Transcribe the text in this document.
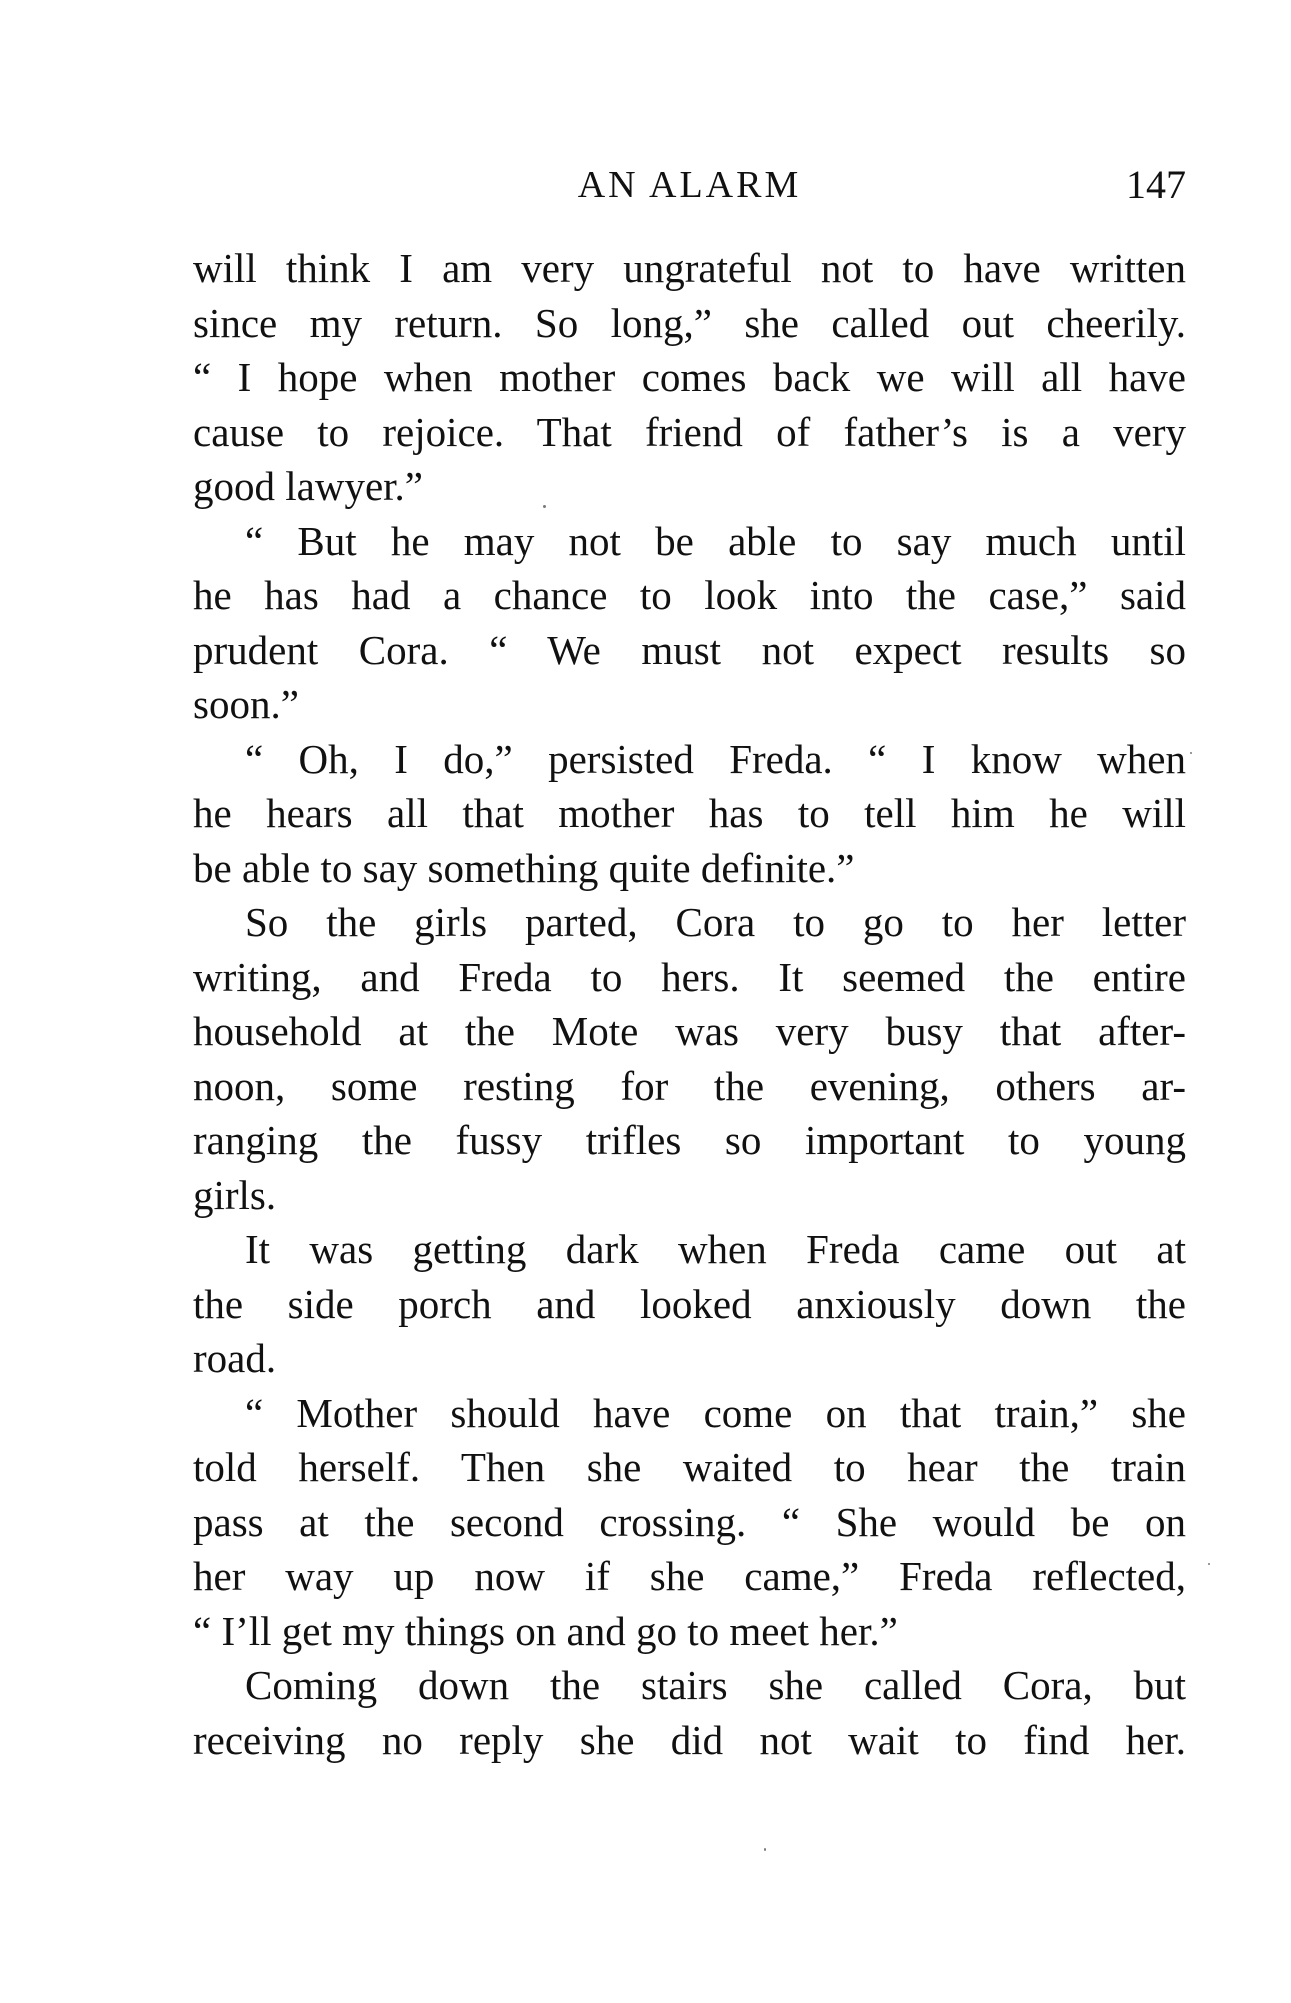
AN ALARM	147
will think I am very ungrateful not to have written
since my return. So long,” she called out cheerily.
“ I hope when mother comes back we will all have
cause to rejoice. That friend of father’s is a very
good lawyer.”
“ But he may not be able to say much until
he has had a chance to look into the case,” said
prudent Cora. “ We must not expect results so
soon.”
“ Oh, I do,” persisted Freda. “ I know when
he hears all that mother has to tell him he will
be able to say something quite definite.”
So the girls parted, Cora to go to her letter
writing, and Freda to hers. It seemed the entire
household at the Mote was very busy that after-
noon, some resting for the evening, others ar-
ranging the fussy trifles so important to young
girls.
It was getting dark when Freda came out at
the side porch and looked anxiously down the
road.
“ Mother should have come on that train,” she
told herself. Then she waited to hear the train
pass at the second crossing. “ She would be on
her way up now if she came,” Freda reflected,
“ I’ll get my things on and go to meet her.”
Coming down the stairs she called Cora, but
receiving no reply she did not wait to find her.
